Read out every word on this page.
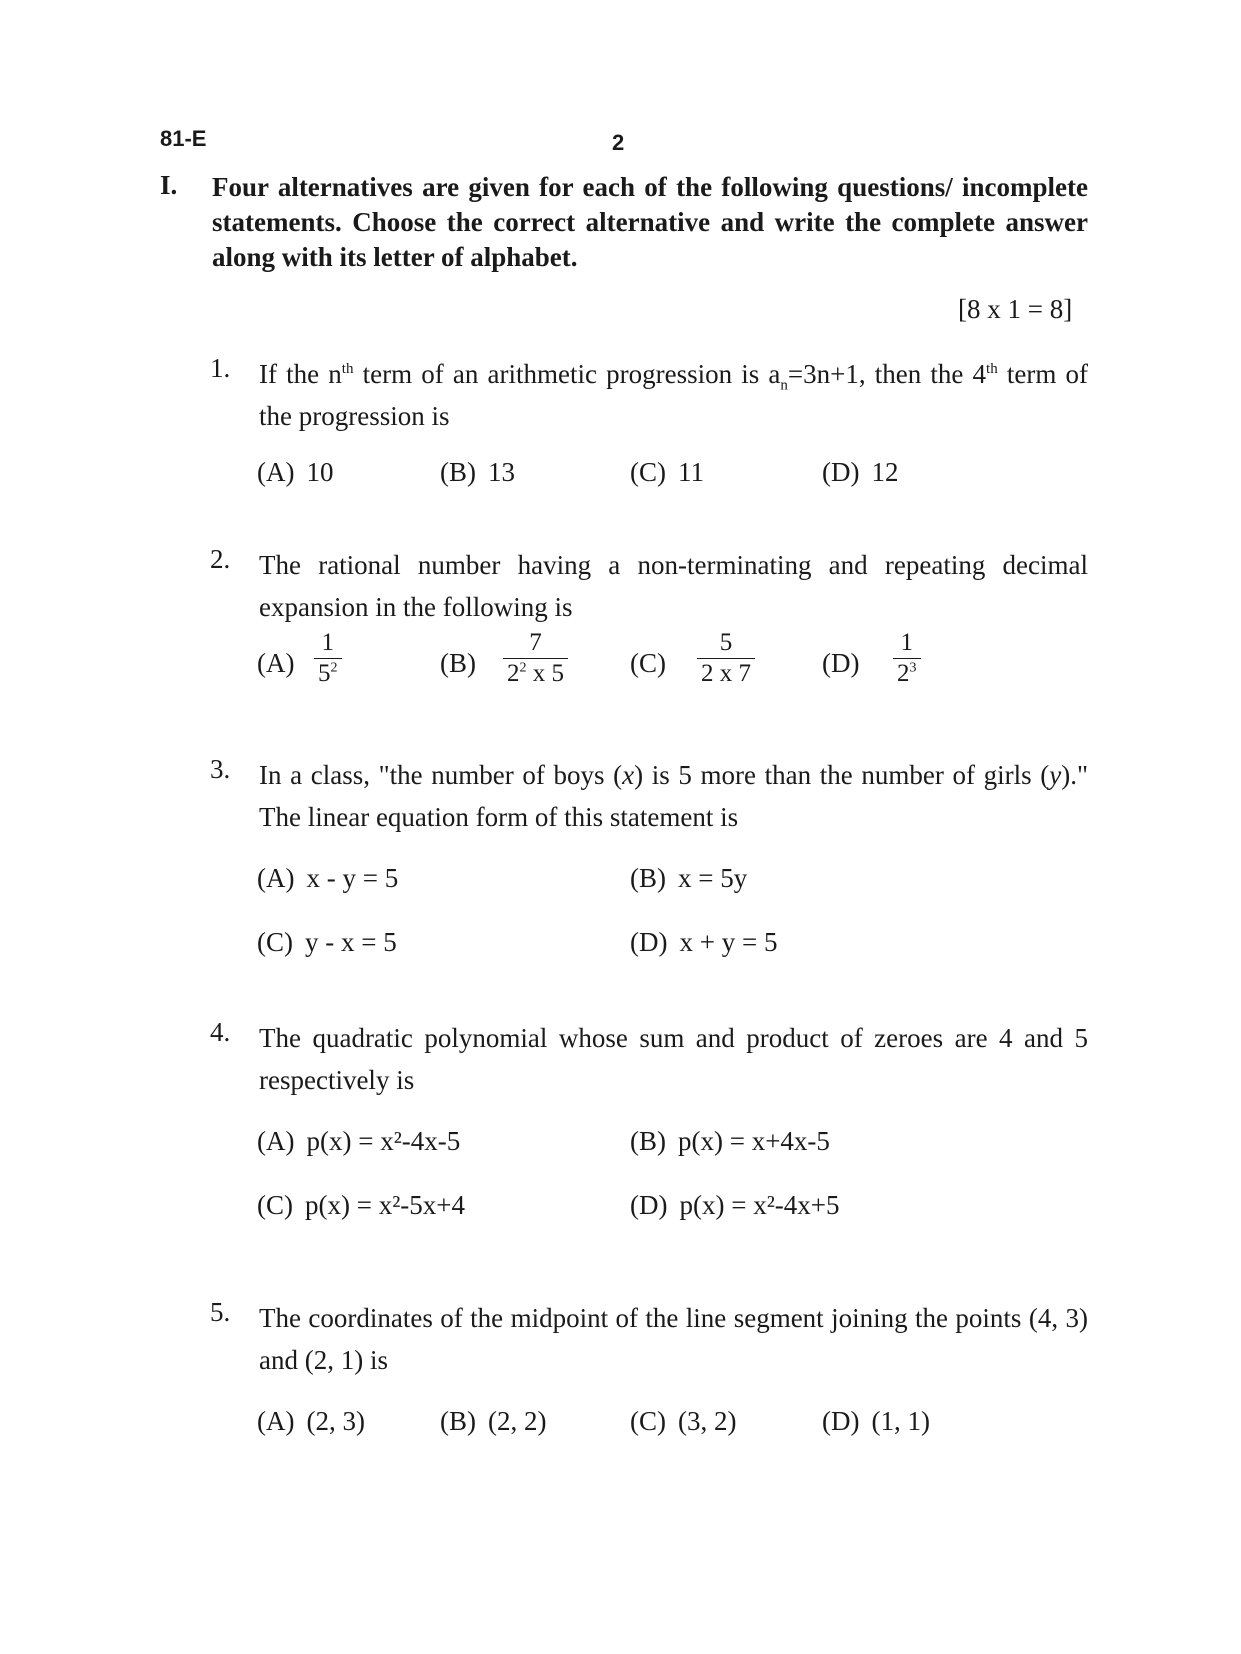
81-E	2
I. Four alternatives are given for each of the following questions/ incomplete statements. Choose the correct alternative and write the complete answer along with its letter of alphabet.
[8 x 1 = 8]
1. If the $n^{th}$ term of an arithmetic progression is $a_n=3n+1$, then the 4th term of the progression is
(A) 10	(B) 13	(C) 11	(D) 12
2. The rational number having a non-terminating and repeating decimal expansion in the following is
$(A) \frac{1}{5^2}$	$(B) \frac{7}{2^2 x 5} (C) \frac{5}{2 x 7} (D) \frac{1}{2^3}$
3. In a class, "the number of boys (x) is 5 more than the number of girls (y)." The linear equation form of this statement is
(A) x - y = 5	(B) x = 5y
(C) y - x = 5	(D) x + y = 5
4. The quadratic polynomial whose sum and product of zeroes are 4 and 5 respectively is
(A) p(x) = x²-4x-5	(B) p(x) = x+4x-5
(C) p(x) = x²-5x+4	(D) p(x) = x²-4x+5
5. The coordinates of the midpoint of the line segment joining the points (4, 3) and (2, 1) is
(A) (2, 3)	(B) (2, 2)	(C) (3, 2)	(D) (1, 1)
